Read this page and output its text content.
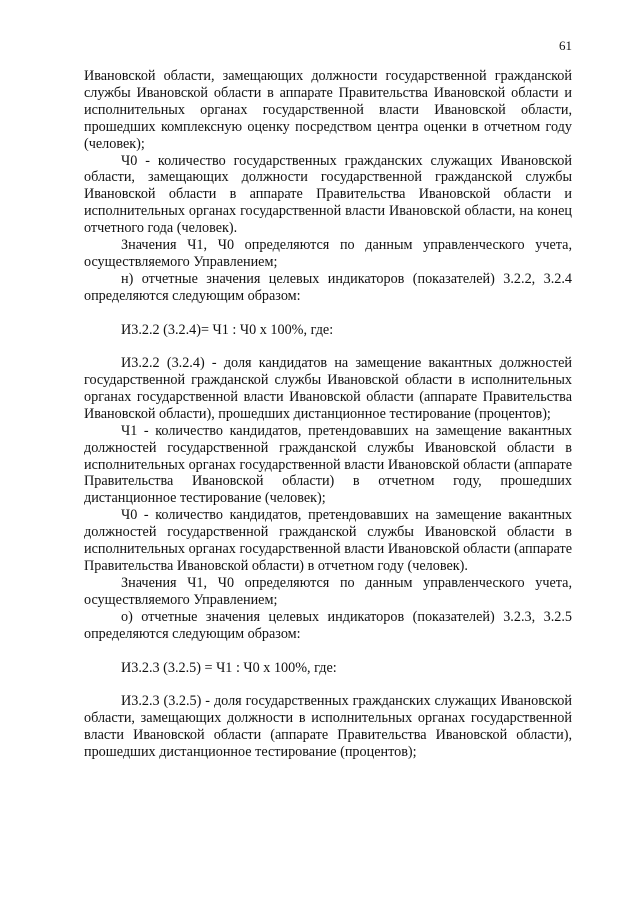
61

Ивановской области, замещающих должности государственной гражданской службы Ивановской области в аппарате Правительства Ивановской области и исполнительных органах государственной власти Ивановской области, прошедших комплексную оценку посредством центра оценки в отчетном году (человек);

Ч0 - количество государственных гражданских служащих Ивановской области, замещающих должности государственной гражданской службы Ивановской области в аппарате Правительства Ивановской области и исполнительных органах государственной власти Ивановской области, на конец отчетного года (человек).

Значения Ч1, Ч0 определяются по данным управленческого учета, осуществляемого Управлением;

н) отчетные значения целевых индикаторов (показателей) 3.2.2, 3.2.4 определяются следующим образом:

И3.2.2 (3.2.4)= Ч1 : Ч0 х 100%, где:

И3.2.2 (3.2.4) - доля кандидатов на замещение вакантных должностей государственной гражданской службы Ивановской области в исполнительных органах государственной власти Ивановской области (аппарате Правительства Ивановской области), прошедших дистанционное тестирование (процентов);

Ч1 - количество кандидатов, претендовавших на замещение вакантных должностей государственной гражданской службы Ивановской области в исполнительных органах государственной власти Ивановской области (аппарате Правительства Ивановской области) в отчетном году, прошедших дистанционное тестирование (человек);

Ч0 - количество кандидатов, претендовавших на замещение вакантных должностей государственной гражданской службы Ивановской области в исполнительных органах государственной власти Ивановской области (аппарате Правительства Ивановской области) в отчетном году (человек).

Значения Ч1, Ч0 определяются по данным управленческого учета, осуществляемого Управлением;

о) отчетные значения целевых индикаторов (показателей) 3.2.3, 3.2.5 определяются следующим образом:

И3.2.3 (3.2.5) = Ч1 : Ч0 х 100%, где:

И3.2.3 (3.2.5) - доля государственных гражданских служащих Ивановской области, замещающих должности в исполнительных органах государственной власти Ивановской области (аппарате Правительства Ивановской области), прошедших дистанционное тестирование (процентов);
